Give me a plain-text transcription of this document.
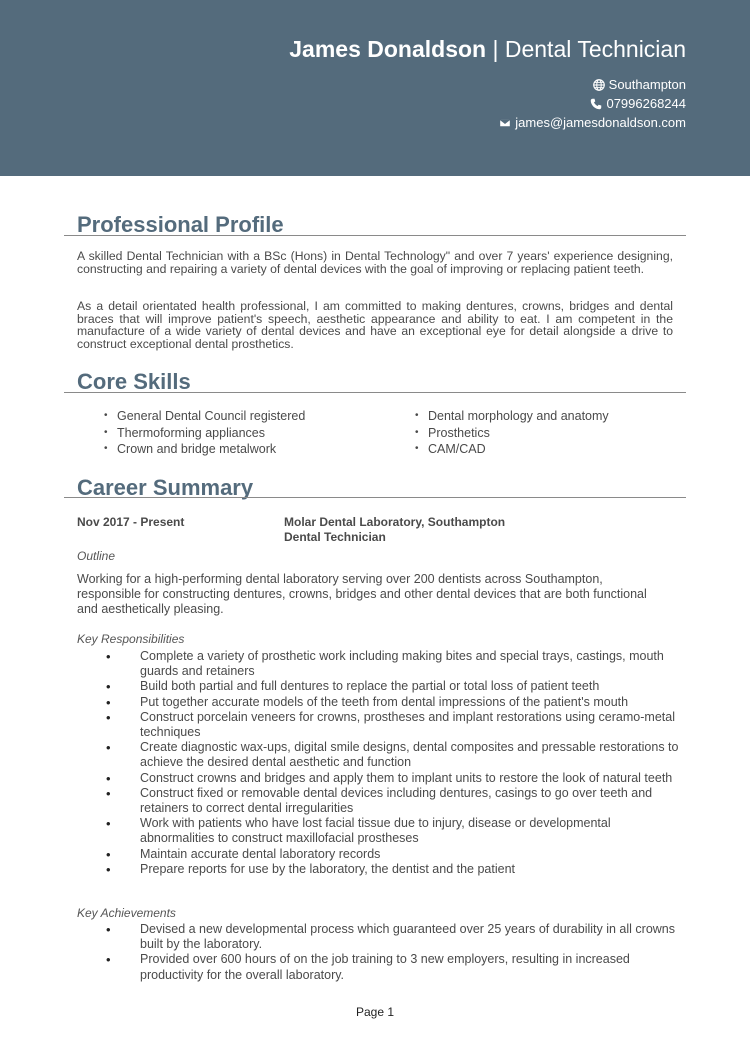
James Donaldson | Dental Technician
Southampton
07996268244
james@jamesdonaldson.com
Professional Profile
A skilled Dental Technician with a BSc (Hons) in Dental Technology" and over 7 years' experience designing, constructing and repairing a variety of dental devices with the goal of improving or replacing patient teeth.
As a detail orientated health professional, I am committed to making dentures, crowns, bridges and dental braces that will improve patient's speech, aesthetic appearance and ability to eat. I am competent in the manufacture of a wide variety of dental devices and have an exceptional eye for detail alongside a drive to construct exceptional dental prosthetics.
Core Skills
• General Dental Council registered
• Thermoforming appliances
• Crown and bridge metalwork
• Dental morphology and anatomy
• Prosthetics
• CAM/CAD
Career Summary
Nov 2017 - Present	Molar Dental Laboratory, Southampton
Dental Technician
Outline
Working for a high-performing dental laboratory serving over 200 dentists across Southampton, responsible for constructing dentures, crowns, bridges and other dental devices that are both functional and aesthetically pleasing.
Key Responsibilities
• Complete a variety of prosthetic work including making bites and special trays, castings, mouth guards and retainers
• Build both partial and full dentures to replace the partial or total loss of patient teeth
• Put together accurate models of the teeth from dental impressions of the patient's mouth
• Construct porcelain veneers for crowns, prostheses and implant restorations using ceramo-metal techniques
• Create diagnostic wax-ups, digital smile designs, dental composites and pressable restorations to achieve the desired dental aesthetic and function
• Construct crowns and bridges and apply them to implant units to restore the look of natural teeth
• Construct fixed or removable dental devices including dentures, casings to go over teeth and retainers to correct dental irregularities
• Work with patients who have lost facial tissue due to injury, disease or developmental abnormalities to construct maxillofacial prostheses
• Maintain accurate dental laboratory records
• Prepare reports for use by the laboratory, the dentist and the patient
Key Achievements
• Devised a new developmental process which guaranteed over 25 years of durability in all crowns built by the laboratory.
• Provided over 600 hours of on the job training to 3 new employers, resulting in increased productivity for the overall laboratory.
Page 1
